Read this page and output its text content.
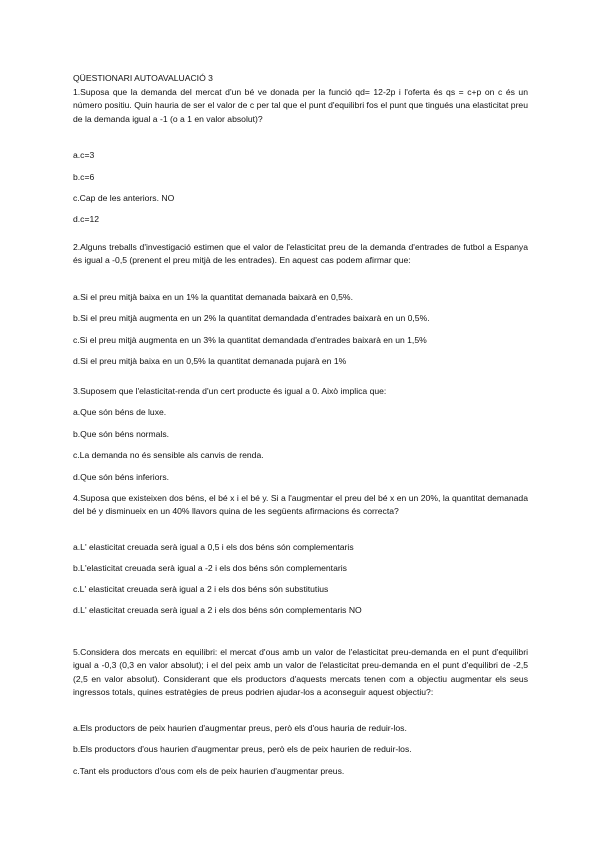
QÜESTIONARI AUTOAVALUACIÓ 3

1.Suposa que la demanda del mercat d'un bé ve donada per la funció qd= 12-2p i l'oferta és qs = c+p on c és un número positiu. Quin hauria de ser el valor de c per tal que el punt d'equilibri fos el punt que tingués una elasticitat preu de la demanda igual a -1 (o a 1 en valor absolut)?

a.c=3
b.c=6
c.Cap de les anteriors. NO
d.c=12

2.Alguns treballs d'investigació estimen que el valor de l'elasticitat preu de la demanda d'entrades de futbol a Espanya és igual a -0,5 (prenent el preu mitjà de les entrades). En aquest cas podem afirmar que:

a.Si el preu mitjà baixa en un 1% la quantitat demanada baixarà en 0,5%.
b.Si el preu mitjà augmenta en un 2% la quantitat demandada d'entrades baixarà en un 0,5%.
c.Si el preu mitjà augmenta en un 3% la quantitat demandada d'entrades baixarà en un 1,5%
d.Si el preu mitjà baixa en un 0,5% la quantitat demanada pujarà en 1%

3.Suposem que l'elasticitat-renda d'un cert producte és igual a 0. Això implica que:

a.Que són béns de luxe.
b.Que són béns normals.
c.La demanda no és sensible als canvis de renda.
d.Que són béns inferiors.

4.Suposa que existeixen dos béns, el bé x i el bé y. Si a l'augmentar el preu del bé x en un 20%, la quantitat demanada del bé y disminueix en un 40% llavors quina de les següents afirmacions és correcta?

a.L' elasticitat creuada serà igual a 0,5 i els dos béns són complementaris
b.L'elasticitat creuada serà igual a -2 i els dos béns són complementaris
c.L' elasticitat creuada serà igual a 2 i els dos béns són substitutius
d.L' elasticitat creuada serà igual a 2 i els dos béns són complementaris NO

5.Considera dos mercats en equilibri: el mercat d'ous amb un valor de l'elasticitat preu-demanda en el punt d'equilibri igual a -0,3 (0,3 en valor absolut); i el del peix amb un valor de l'elasticitat preu-demanda en el punt d'equilibri de -2,5 (2,5 en valor absolut). Considerant que els productors d'aquests mercats tenen com a objectiu augmentar els seus ingressos totals, quines estratègies de preus podrien ajudar-los a aconseguir aquest objectiu?:

a.Els productors de peix haurien d'augmentar preus, però els d'ous hauria de reduir-los.
b.Els productors d'ous haurien d'augmentar preus, però els de peix haurien de reduir-los.
c.Tant els productors d'ous com els de peix haurien d'augmentar preus.
